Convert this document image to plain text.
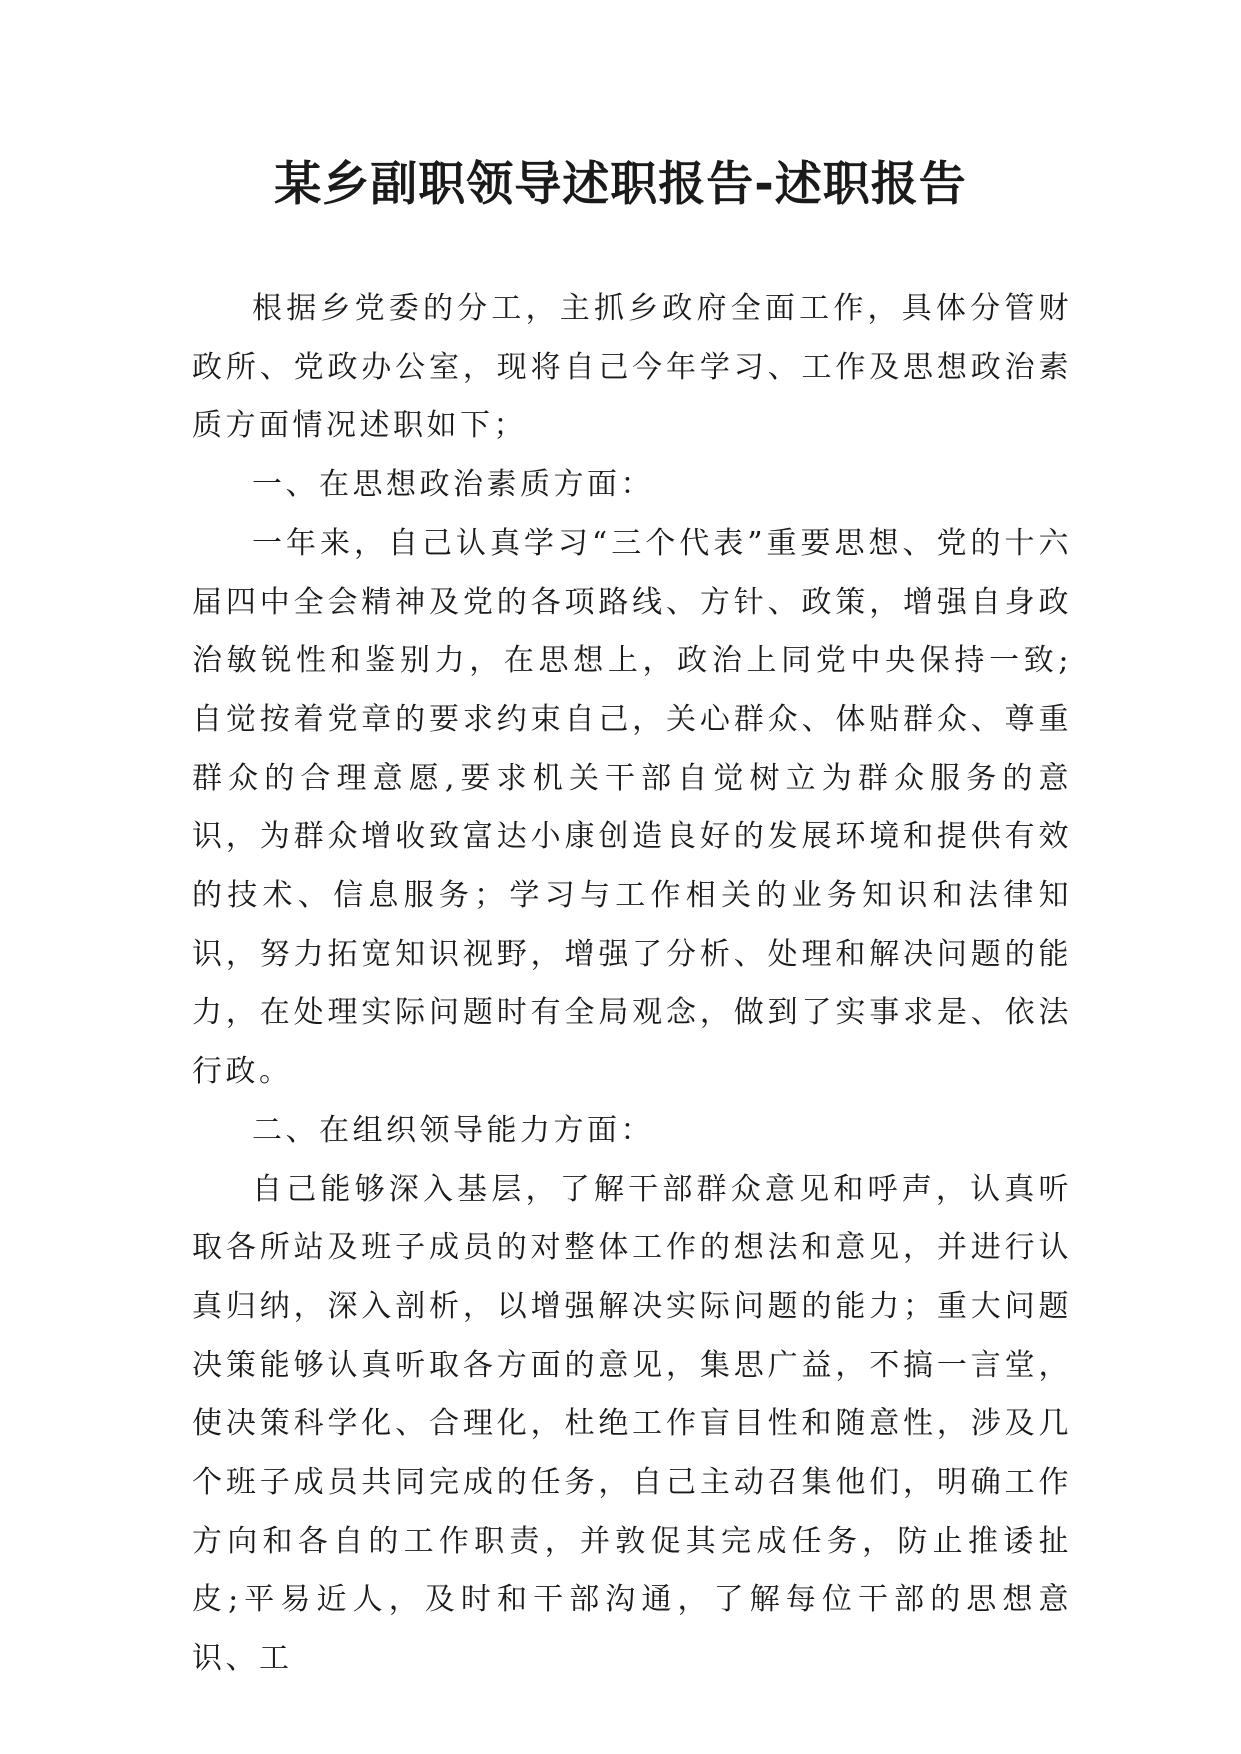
某乡副职领导述职报告-述职报告

根据乡党委的分工，主抓乡政府全面工作，具体分管财政所、党政办公室，现将自己今年学习、工作及思想政治素质方面情况述职如下；

一、在思想政治素质方面：

一年来，自己认真学习“三个代表”重要思想、党的十六届四中全会精神及党的各项路线、方针、政策，增强自身政治敏锐性和鉴别力，在思想上，政治上同党中央保持一致;自觉按着党章的要求约束自己，关心群众、体贴群众、尊重群众的合理意愿,要求机关干部自觉树立为群众服务的意识，为群众增收致富达小康创造良好的发展环境和提供有效的技术、信息服务；学习与工作相关的业务知识和法律知识，努力拓宽知识视野，增强了分析、处理和解决问题的能力，在处理实际问题时有全局观念，做到了实事求是、依法行政。

二、在组织领导能力方面：

自己能够深入基层，了解干部群众意见和呼声，认真听取各所站及班子成员的对整体工作的想法和意见，并进行认真归纳，深入剖析，以增强解决实际问题的能力；重大问题决策能够认真听取各方面的意见，集思广益，不搞一言堂，使决策科学化、合理化，杜绝工作盲目性和随意性，涉及几个班子成员共同完成的任务，自己主动召集他们，明确工作方向和各自的工作职责，并敦促其完成任务，防止推诿扯皮;平易近人，及时和干部沟通，了解每位干部的思想意识、工
